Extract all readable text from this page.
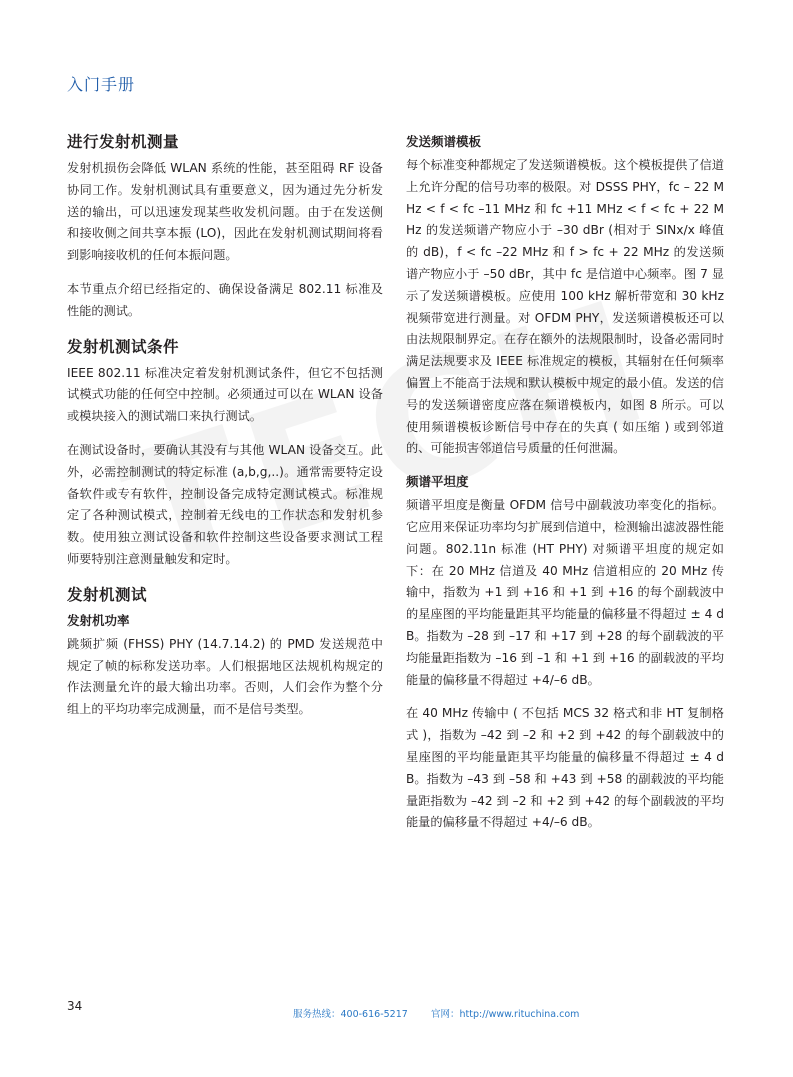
入门手册
进行发射机测量

发射机损伤会降低 WLAN 系统的性能，甚至阻碍 RF 设备协同工作。发射机测试具有重要意义，因为通过先分析发送的输出，可以迅速发现某些收发机问题。由于在发送侧和接收侧之间共享本振 (LO)，因此在发射机测试期间将看到影响接收机的任何本振问题。

本节重点介绍已经指定的、确保设备满足 802.11 标准及性能的测试。

发射机测试条件

IEEE 802.11 标准决定着发射机测试条件，但它不包括测试模式功能的任何空中控制。必须通过可以在 WLAN 设备或模块接入的测试端口来执行测试。

在测试设备时，要确认其没有与其他 WLAN 设备交互。此外，必需控制测试的特定标准 (a,b,g,..)。通常需要特定设备软件或专有软件，控制设备完成特定测试模式。标准规定了各种测试模式，控制着无线电的工作状态和发射机参数。使用独立测试设备和软件控制这些设备要求测试工程师要特别注意测量触发和定时。

发射机测试
发射机功率

跳频扩频 (FHSS) PHY (14.7.14.2) 的 PMD 发送规范中规定了帧的标称发送功率。人们根据地区法规机构规定的作法测量允许的最大输出功率。否则，人们会作为整个分组上的平均功率完成测量，而不是信号类型。

发送频谱模板

每个标准变种都规定了发送频谱模板。这个模板提供了信道上允许分配的信号功率的极限。对 DSSS PHY，fc – 22 MHz < f < fc –11 MHz 和 fc +11 MHz < f < fc + 22 MHz 的发送频谱产物应小于 –30 dBr (相对于 SINx/x 峰值的 dB)，f < fc –22 MHz 和 f > fc + 22 MHz 的发送频谱产物应小于 –50 dBr，其中 fc 是信道中心频率。图 7 显示了发送频谱模板。应使用 100 kHz 解析带宽和 30 kHz 视频带宽进行测量。对 OFDM PHY，发送频谱模板还可以由法规限制界定。在存在额外的法规限制时，设备必需同时满足法规要求及 IEEE 标准规定的模板，其辐射在任何频率偏置上不能高于法规和默认模板中规定的最小值。发送的信号的发送频谱密度应落在频谱模板内，如图 8 所示。可以使用频谱模板诊断信号中存在的失真 ( 如压缩 ) 或到邻道的、可能损害邻道信号质量的任何泄漏。

频谱平坦度

频谱平坦度是衡量 OFDM 信号中副载波功率变化的指标。它应用来保证功率均匀扩展到信道中，检测输出滤波器性能问题。802.11n 标准 (HT PHY) 对频谱平坦度的规定如下：在 20 MHz 信道及 40 MHz 信道相应的 20 MHz 传输中，指数为 +1 到 +16 和 +1 到 +16 的每个副载波中的星座图的平均能量距其平均能量的偏移量不得超过 ± 4 dB。指数为 –28 到 –17 和 +17 到 +28 的每个副载波的平均能量距指数为 –16 到 –1 和 +1 到 +16 的副载波的平均能量的偏移量不得超过 +4/–6 dB。

在 40 MHz 传输中 ( 不包括 MCS 32 格式和非 HT 复制格式 )，指数为 –42 到 –2 和 +2 到 +42 的每个副载波中的星座图的平均能量距其平均能量的偏移量不得超过 ± 4 dB。指数为 –43 到 –58 和 +43 到 +58 的副载波的平均能量距指数为 –42 到 –2 和 +2 到 +42 的每个副载波的平均能量的偏移量不得超过 +4/–6 dB。

34
服务热线：400-616-5217 官网：http://www.rituchina.com
